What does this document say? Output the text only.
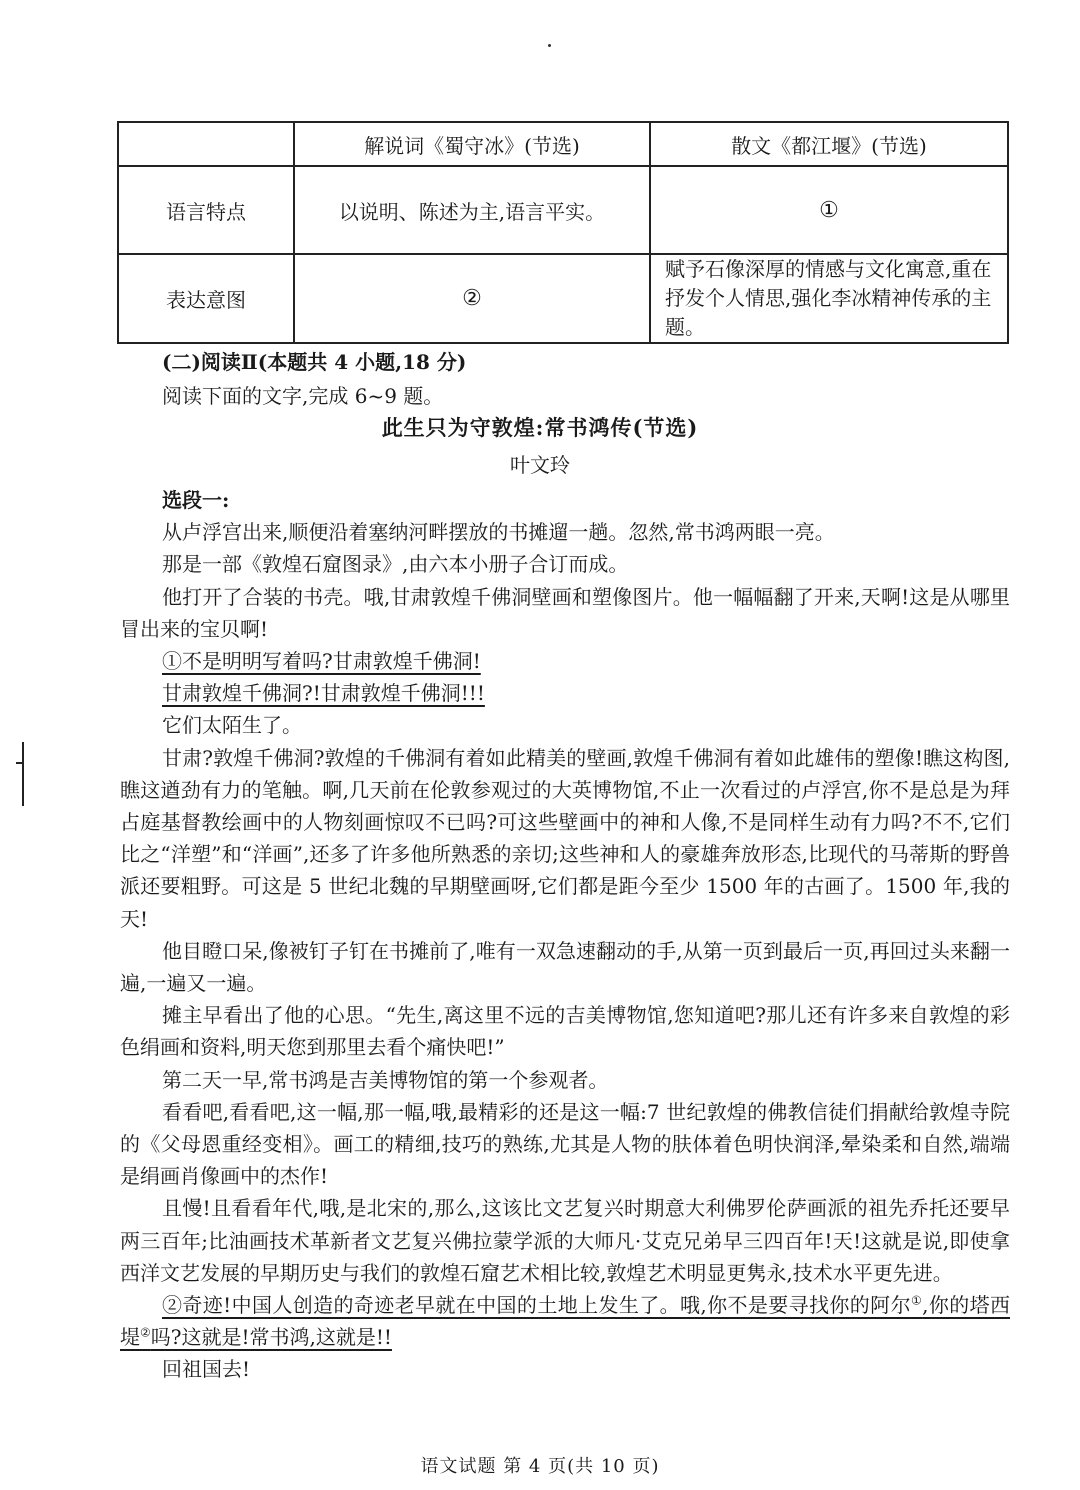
	解说词《蜀守冰》(节选)	散文《都江堰》(节选)
语言特点	以说明、陈述为主,语言平实。	①
表达意图	②	赋予石像深厚的情感与文化寓意,重在抒发个人情思,强化李冰精神传承的主题。
(二)阅读Ⅱ(本题共 4 小题,18 分)
阅读下面的文字,完成 6~9 题。
此生只为守敦煌:常书鸿传(节选)
叶文玲

选段一:

从卢浮宫出来,顺便沿着塞纳河畔摆放的书摊遛一趟。忽然,常书鸿两眼一亮。

那是一部《敦煌石窟图录》,由六本小册子合订而成。

他打开了合装的书壳。哦,甘肃敦煌千佛洞壁画和塑像图片。他一幅幅翻了开来,天啊!这是从哪里冒出来的宝贝啊!

①不是明明写着吗?甘肃敦煌千佛洞!

甘肃敦煌千佛洞?!甘肃敦煌千佛洞!!!

它们太陌生了。

甘肃?敦煌千佛洞?敦煌的千佛洞有着如此精美的壁画,敦煌千佛洞有着如此雄伟的塑像!瞧这构图,瞧这遒劲有力的笔触。啊,几天前在伦敦参观过的大英博物馆,不止一次看过的卢浮宫,你不是总是为拜占庭基督教绘画中的人物刻画惊叹不已吗?可这些壁画中的神和人像,不是同样生动有力吗?不不,它们比之“洋塑”和“洋画”,还多了许多他所熟悉的亲切;这些神和人的豪雄奔放形态,比现代的马蒂斯的野兽派还要粗野。可这是 5 世纪北魏的早期壁画呀,它们都是距今至少 1500 年的古画了。1500 年,我的天!

他目瞪口呆,像被钉子钉在书摊前了,唯有一双急速翻动的手,从第一页到最后一页,再回过头来翻一遍,一遍又一遍。

摊主早看出了他的心思。“先生,离这里不远的吉美博物馆,您知道吧?那儿还有许多来自敦煌的彩色绢画和资料,明天您到那里去看个痛快吧!”

第二天一早,常书鸿是吉美博物馆的第一个参观者。

看看吧,看看吧,这一幅,那一幅,哦,最精彩的还是这一幅:7 世纪敦煌的佛教信徒们捐献给敦煌寺院的《父母恩重经变相》。画工的精细,技巧的熟练,尤其是人物的肤体着色明快润泽,晕染柔和自然,端端是绢画肖像画中的杰作!

且慢!且看看年代,哦,是北宋的,那么,这该比文艺复兴时期意大利佛罗伦萨画派的祖先乔托还要早两三百年;比油画技术革新者文艺复兴佛拉蒙学派的大师凡·艾克兄弟早三四百年!天!这就是说,即使拿西洋文艺发展的早期历史与我们的敦煌石窟艺术相比较,敦煌艺术明显更隽永,技术水平更先进。

②奇迹!中国人创造的奇迹老早就在中国的土地上发生了。哦,你不是要寻找你的阿尔①,你的塔西堤②吗?这就是!常书鸿,这就是!!

回祖国去!

语文试题 第 4 页(共 10 页)
